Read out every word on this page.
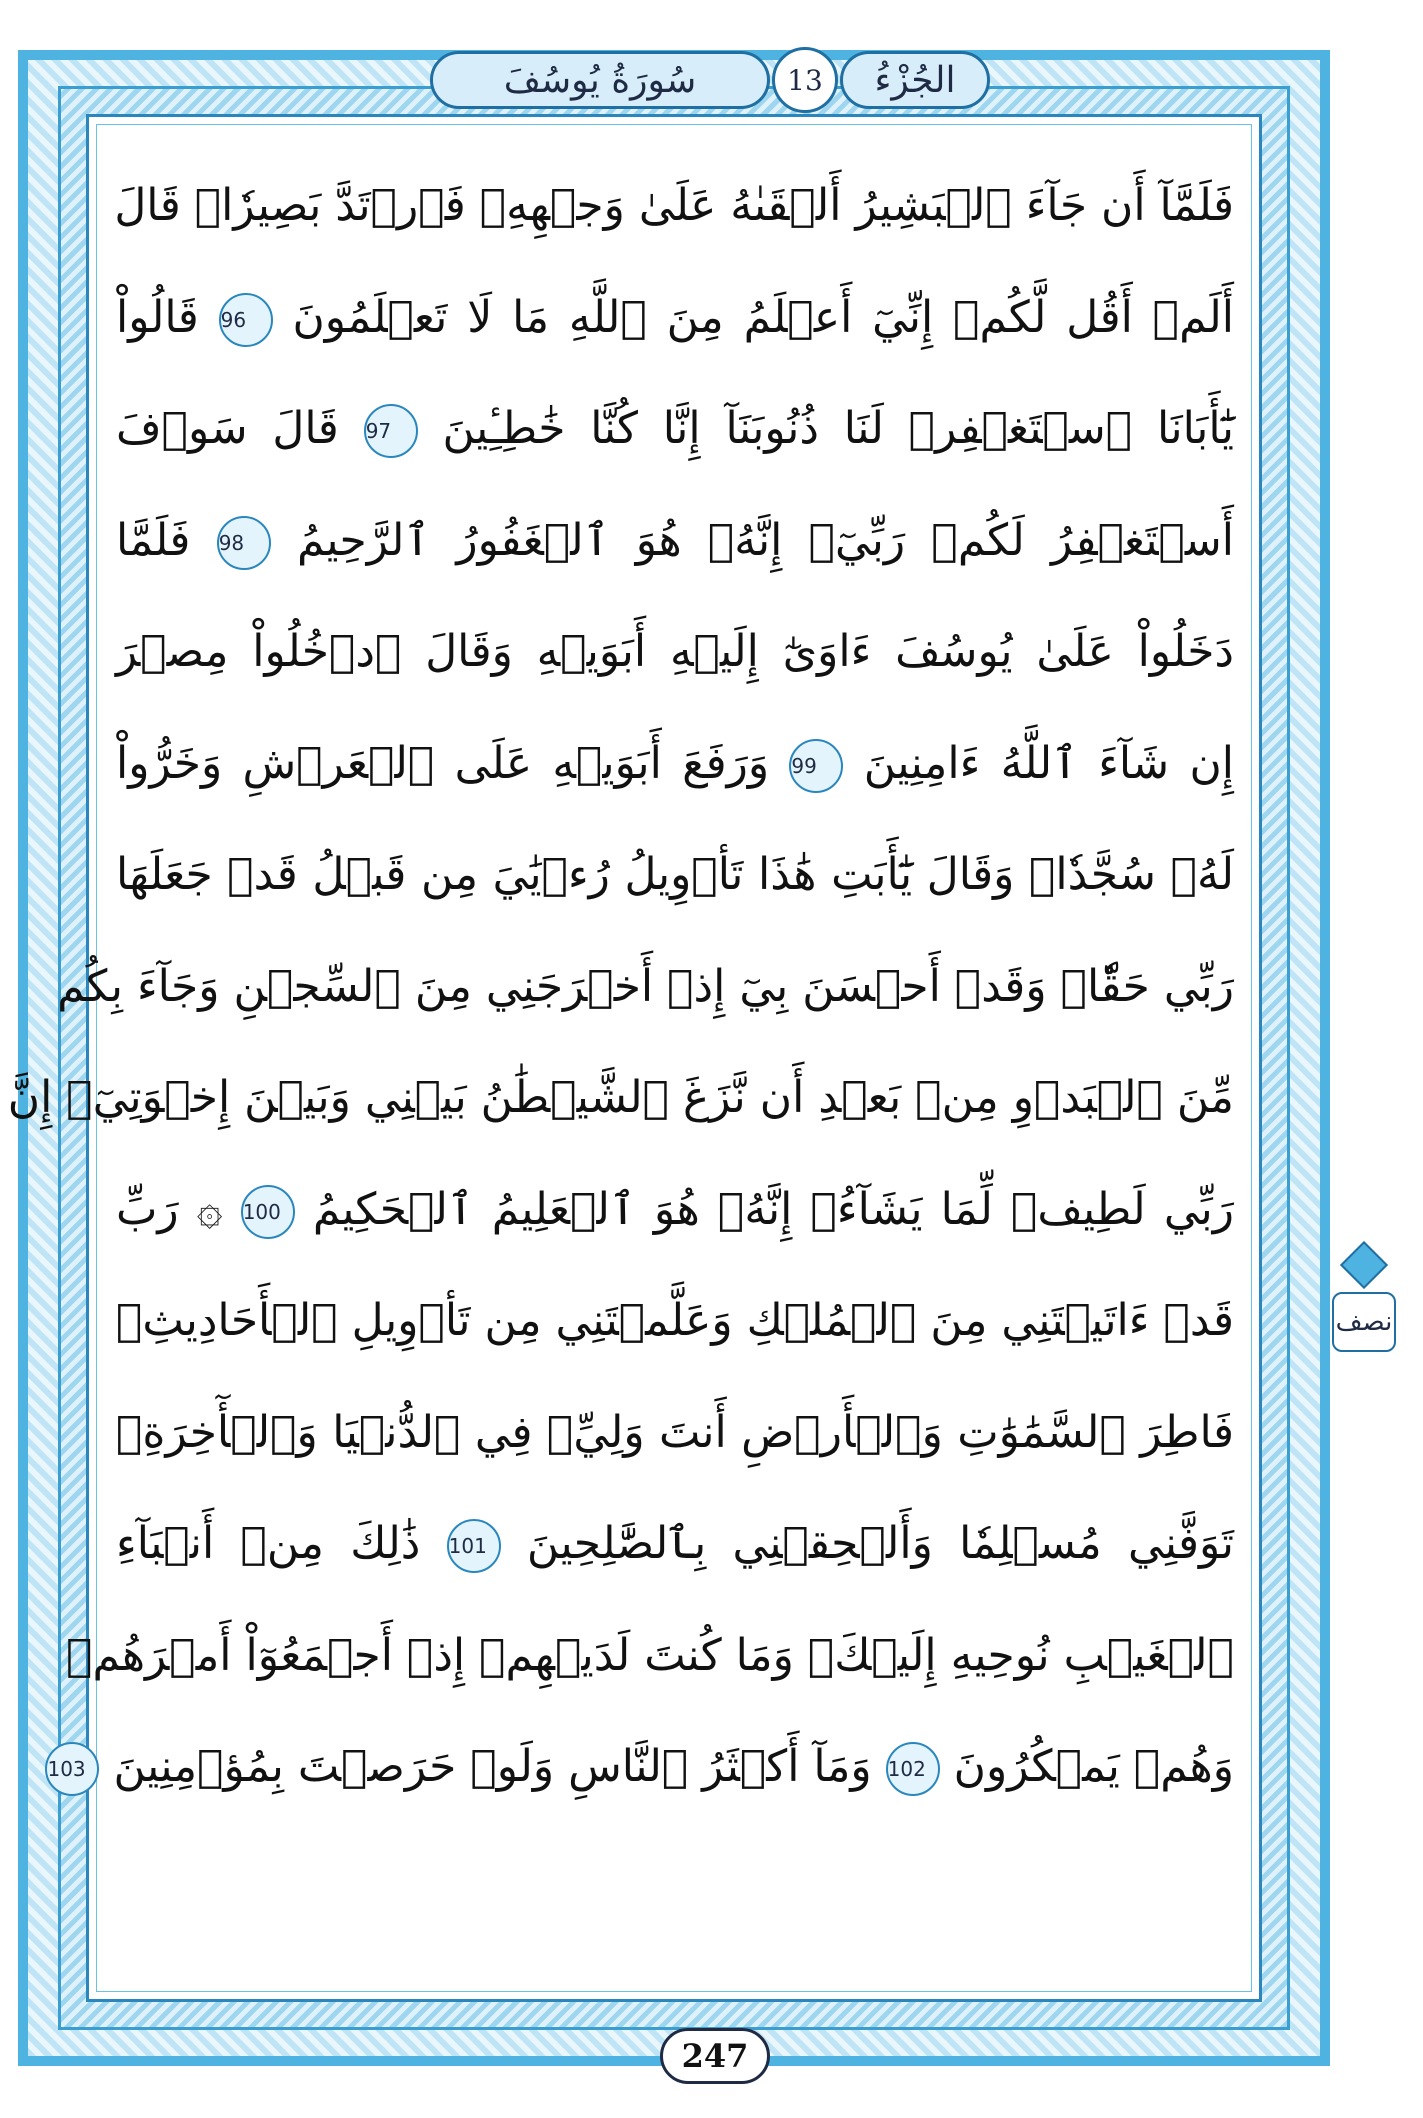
سُورَةُ يُوسُفَ	13	الجُزْءُ
فَلَمَّآ أَن جَآءَ ٱلۡبَشِيرُ أَلۡقَىٰهُ عَلَىٰ وَجۡهِهِۦ فَٱرۡتَدَّ بَصِيرٗاۖ قَالَ
أَلَمۡ أَقُل لَّكُمۡ إِنِّيٓ أَعۡلَمُ مِنَ ٱللَّهِ مَا لَا تَعۡلَمُونَ 96 قَالُواْ
يَٰٓأَبَانَا ٱسۡتَغۡفِرۡ لَنَا ذُنُوبَنَآ إِنَّا كُنَّا خَٰطِـِٔينَ 97 قَالَ سَوۡفَ
أَسۡتَغۡفِرُ لَكُمۡ رَبِّيٓۖ إِنَّهُۥ هُوَ ٱلۡغَفُورُ ٱلرَّحِيمُ 98 فَلَمَّا
دَخَلُواْ عَلَىٰ يُوسُفَ ءَاوَىٰٓ إِلَيۡهِ أَبَوَيۡهِ وَقَالَ ٱدۡخُلُواْ مِصۡرَ
إِن شَآءَ ٱللَّهُ ءَامِنِينَ 99 وَرَفَعَ أَبَوَيۡهِ عَلَى ٱلۡعَرۡشِ وَخَرُّواْ
لَهُۥ سُجَّدٗاۖ وَقَالَ يَٰٓأَبَتِ هَٰذَا تَأۡوِيلُ رُءۡيَٰيَ مِن قَبۡلُ قَدۡ جَعَلَهَا
رَبِّي حَقّٗاۖ وَقَدۡ أَحۡسَنَ بِيٓ إِذۡ أَخۡرَجَنِي مِنَ ٱلسِّجۡنِ وَجَآءَ بِكُم
مِّنَ ٱلۡبَدۡوِ مِنۢ بَعۡدِ أَن نَّزَغَ ٱلشَّيۡطَٰنُ بَيۡنِي وَبَيۡنَ إِخۡوَتِيٓۚ إِنَّ
رَبِّي لَطِيفٞ لِّمَا يَشَآءُۚ إِنَّهُۥ هُوَ ٱلۡعَلِيمُ ٱلۡحَكِيمُ 100 ۞ رَبِّ
قَدۡ ءَاتَيۡتَنِي مِنَ ٱلۡمُلۡكِ وَعَلَّمۡتَنِي مِن تَأۡوِيلِ ٱلۡأَحَادِيثِۚ
فَاطِرَ ٱلسَّمَٰوَٰتِ وَٱلۡأَرۡضِ أَنتَ وَلِيِّۦ فِي ٱلدُّنۡيَا وَٱلۡأٓخِرَةِۖ
تَوَفَّنِي مُسۡلِمٗا وَأَلۡحِقۡنِي بِٱلصَّٰلِحِينَ 101 ذَٰلِكَ مِنۡ أَنۢبَآءِ
ٱلۡغَيۡبِ نُوحِيهِ إِلَيۡكَۖ وَمَا كُنتَ لَدَيۡهِمۡ إِذۡ أَجۡمَعُوٓاْ أَمۡرَهُمۡ
وَهُمۡ يَمۡكُرُونَ 102 وَمَآ أَكۡثَرُ ٱلنَّاسِ وَلَوۡ حَرَصۡتَ بِمُؤۡمِنِينَ 103
نصف
247
